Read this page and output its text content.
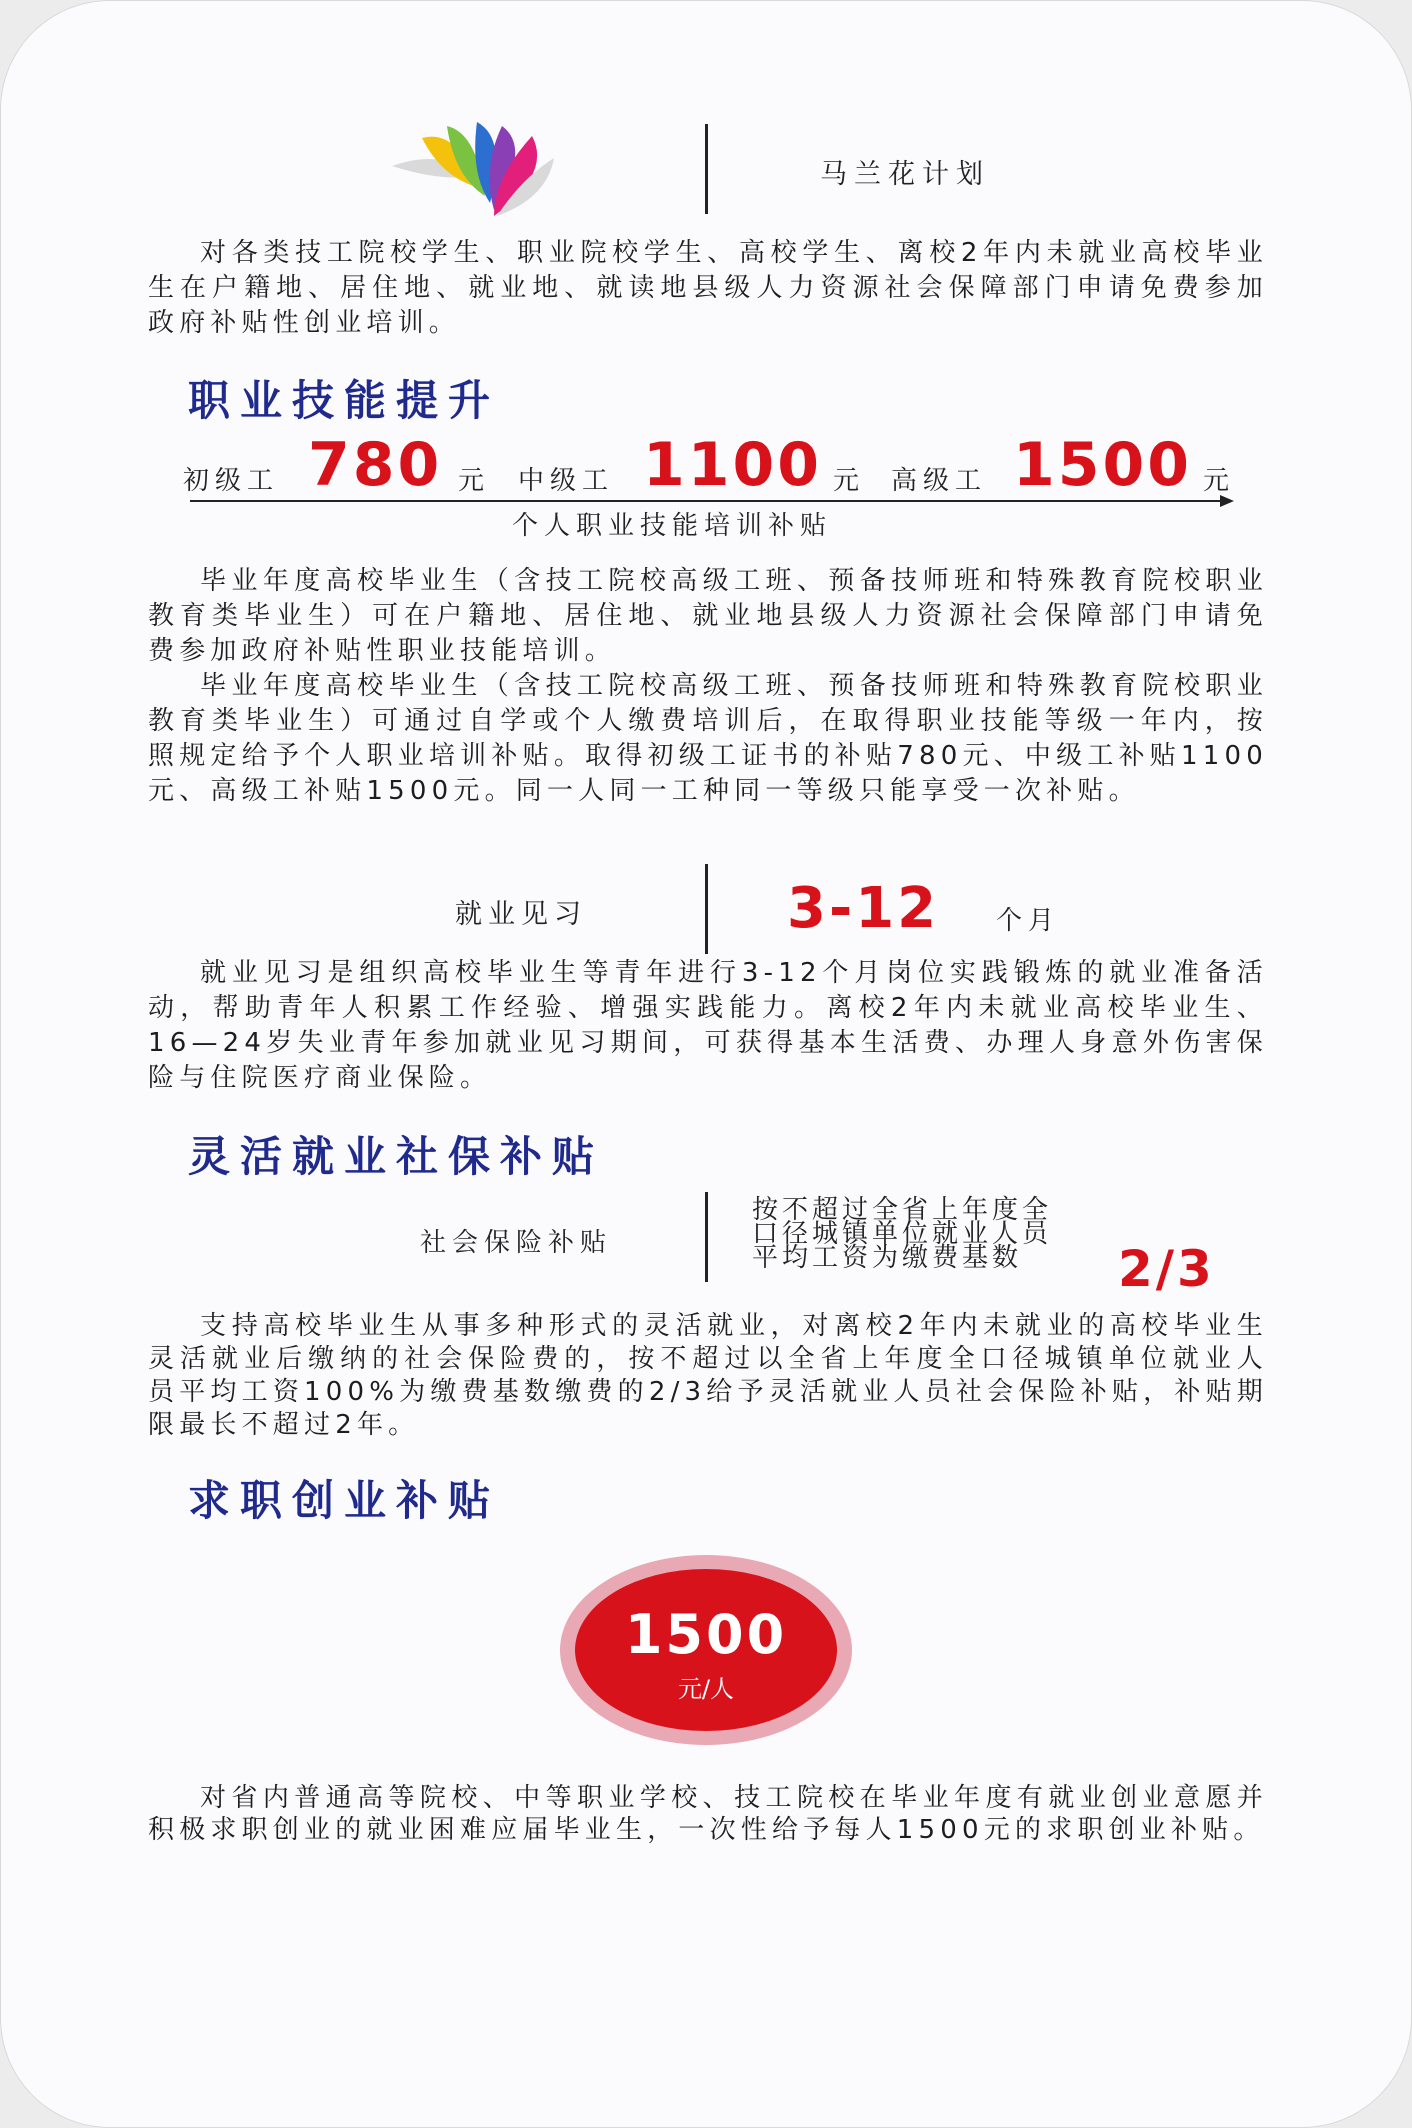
马兰花计划

对各类技工院校学生、职业院校学生、高校学生、离校2年内未就业高校毕业生在户籍地、居住地、就业地、就读地县级人力资源社会保障部门申请免费参加政府补贴性创业培训。

职业技能提升
初级工 780 元 中级工 1100 元 高级工 1500 元
个人职业技能培训补贴

毕业年度高校毕业生（含技工院校高级工班、预备技师班和特殊教育院校职业教育类毕业生）可在户籍地、居住地、就业地县级人力资源社会保障部门申请免费参加政府补贴性职业技能培训。

毕业年度高校毕业生（含技工院校高级工班、预备技师班和特殊教育院校职业教育类毕业生）可通过自学或个人缴费培训后，在取得职业技能等级一年内，按照规定给予个人职业培训补贴。取得初级工证书的补贴780元、中级工补贴1100元、高级工补贴1500元。同一人同一工种同一等级只能享受一次补贴。

就业见习	3-12 个月

就业见习是组织高校毕业生等青年进行3-12个月岗位实践锻炼的就业准备活动，帮助青年人积累工作经验、增强实践能力。离校2年内未就业高校毕业生、16—24岁失业青年参加就业见习期间，可获得基本生活费、办理人身意外伤害保险与住院医疗商业保险。

灵活就业社保补贴
社会保险补贴
按不超过全省上年度全
口径城镇单位就业人员
平均工资为缴费基数	2/3

支持高校毕业生从事多种形式的灵活就业，对离校2年内未就业的高校毕业生灵活就业后缴纳的社会保险费的，按不超过以全省上年度全口径城镇单位就业人员平均工资100%为缴费基数缴费的2/3给予灵活就业人员社会保险补贴，补贴期限最长不超过2年。

求职创业补贴
1500
元/人

对省内普通高等院校、中等职业学校、技工院校在毕业年度有就业创业意愿并积极求职创业的就业困难应届毕业生，一次性给予每人1500元的求职创业补贴。
